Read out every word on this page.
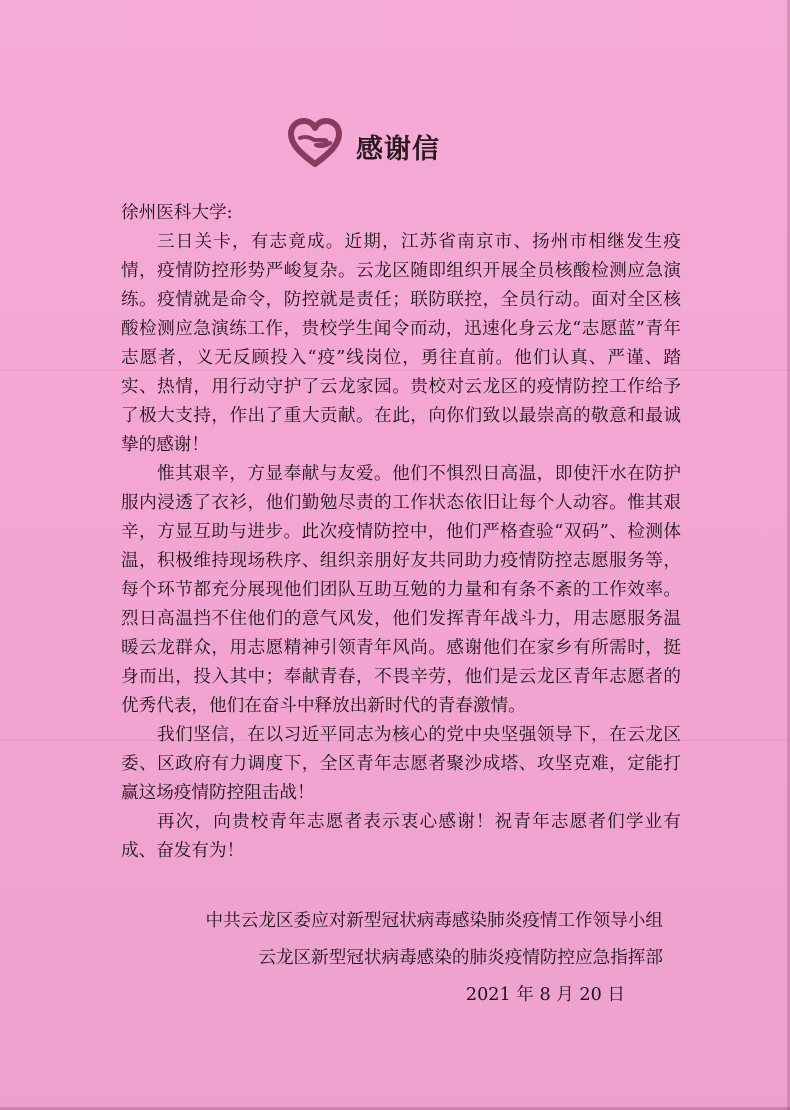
感谢信

徐州医科大学:

三日关卡，有志竟成。近期，江苏省南京市、扬州市相继发生疫情，疫情防控形势严峻复杂。云龙区随即组织开展全员核酸检测应急演练。疫情就是命令，防控就是责任；联防联控，全员行动。面对全区核酸检测应急演练工作，贵校学生闻令而动，迅速化身云龙“志愿蓝”青年志愿者，义无反顾投入“疫”线岗位，勇往直前。他们认真、严谨、踏实、热情，用行动守护了云龙家园。贵校对云龙区的疫情防控工作给予了极大支持，作出了重大贡献。在此，向你们致以最崇高的敬意和最诚挚的感谢！

惟其艰辛，方显奉献与友爱。他们不惧烈日高温，即使汗水在防护服内浸透了衣衫，他们勤勉尽责的工作状态依旧让每个人动容。惟其艰辛，方显互助与进步。此次疫情防控中，他们严格查验“双码”、检测体温，积极维持现场秩序、组织亲朋好友共同助力疫情防控志愿服务等，每个环节都充分展现他们团队互助互勉的力量和有条不紊的工作效率。烈日高温挡不住他们的意气风发，他们发挥青年战斗力，用志愿服务温暖云龙群众，用志愿精神引领青年风尚。感谢他们在家乡有所需时，挺身而出，投入其中；奉献青春，不畏辛劳，他们是云龙区青年志愿者的优秀代表，他们在奋斗中释放出新时代的青春激情。

我们坚信，在以习近平同志为核心的党中央坚强领导下，在云龙区委、区政府有力调度下，全区青年志愿者聚沙成塔、攻坚克难，定能打赢这场疫情防控阻击战！

再次，向贵校青年志愿者表示衷心感谢！祝青年志愿者们学业有成、奋发有为！

中共云龙区委应对新型冠状病毒感染肺炎疫情工作领导小组
云龙区新型冠状病毒感染的肺炎疫情防控应急指挥部
2021 年 8 月 20 日
